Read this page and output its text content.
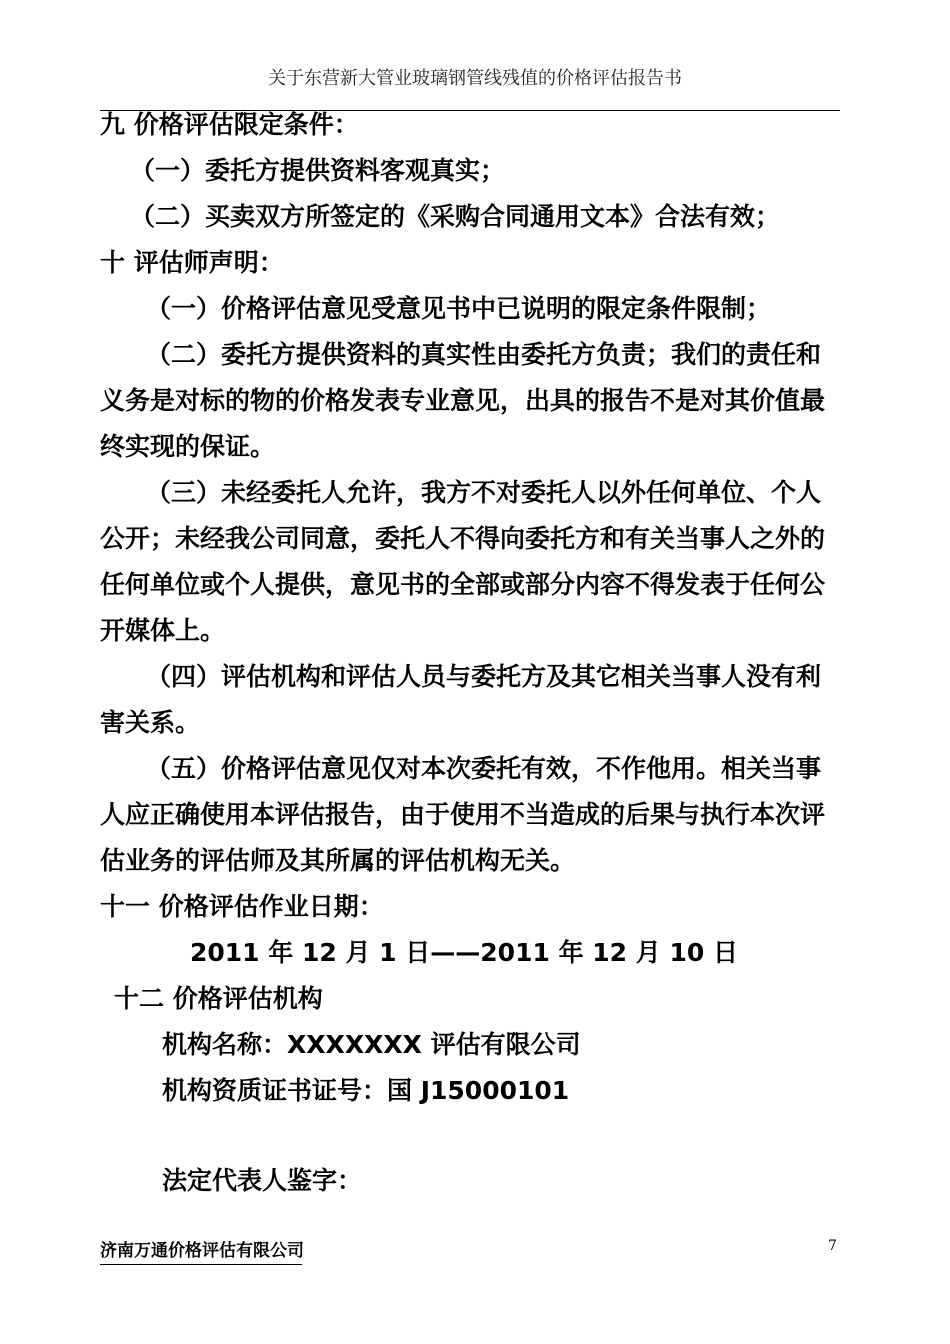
关于东营新大管业玻璃钢管线残值的价格评估报告书

九 价格评估限定条件：

（一）委托方提供资料客观真实；

（二）买卖双方所签定的《采购合同通用文本》合法有效；

十 评估师声明：

（一）价格评估意见受意见书中已说明的限定条件限制；

（二）委托方提供资料的真实性由委托方负责；我们的责任和

义务是对标的物的价格发表专业意见，出具的报告不是对其价值最

终实现的保证。

（三）未经委托人允许，我方不对委托人以外任何单位、个人

公开；未经我公司同意，委托人不得向委托方和有关当事人之外的

任何单位或个人提供，意见书的全部或部分内容不得发表于任何公

开媒体上。

（四）评估机构和评估人员与委托方及其它相关当事人没有利

害关系。

（五）价格评估意见仅对本次委托有效，不作他用。相关当事

人应正确使用本评估报告，由于使用不当造成的后果与执行本次评

估业务的评估师及其所属的评估机构无关。

十一 价格评估作业日期：

2011 年 12 月 1 日——2011 年 12 月 10 日

十二 价格评估机构

机构名称：XXXXXXX 评估有限公司

机构资质证书证号：国 J15000101

法定代表人鉴字：

济南万通价格评估有限公司	7
